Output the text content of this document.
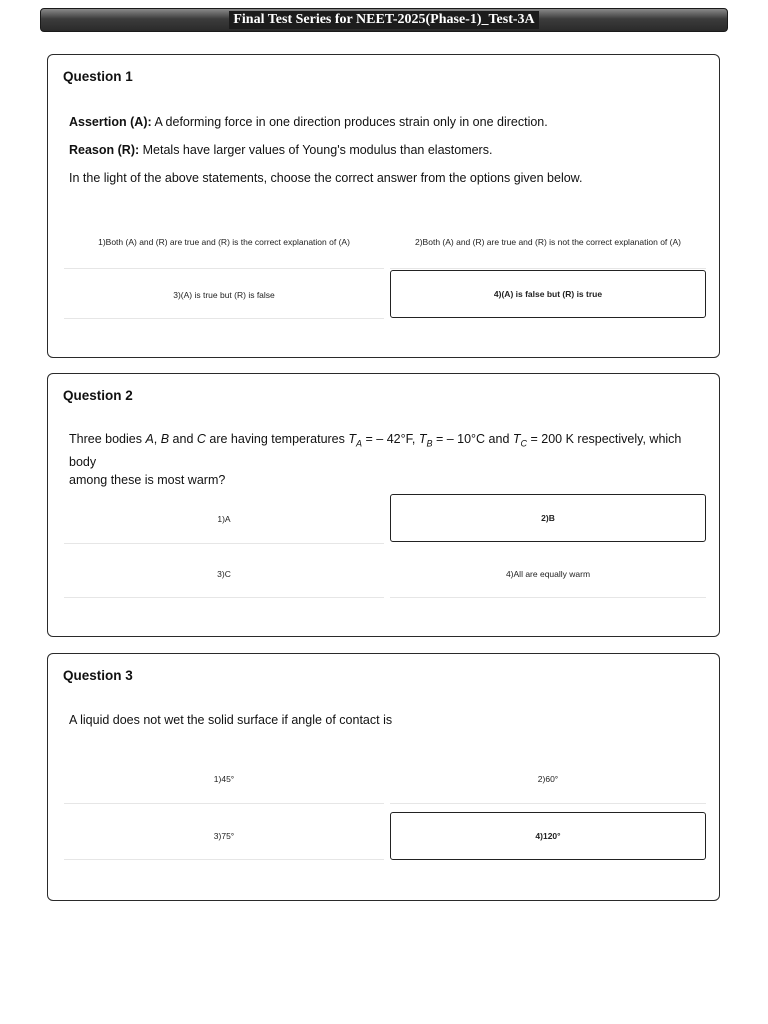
Final Test Series for NEET-2025(Phase-1)_Test-3A
Question 1
Assertion (A): A deforming force in one direction produces strain only in one direction.
Reason (R): Metals have larger values of Young's modulus than elastomers.
In the light of the above statements, choose the correct answer from the options given below.
1)Both (A) and (R) are true and (R) is the correct explanation of (A)	2)Both (A) and (R) are true and (R) is not the correct explanation of (A)
3)(A) is true but (R) is false	4)(A) is false but (R) is true
Question 2
Three bodies A, B and C are having temperatures $T_A$ = – 42°F, $T_B$ = – 10°C and $T_C = 200$ K respectively, which body
among these is most warm?
1)A	2)B
3)C	4)All are equally warm
Question 3
A liquid does not wet the solid surface if angle of contact is
1)45°	2)60°
3)75°	4)120°
